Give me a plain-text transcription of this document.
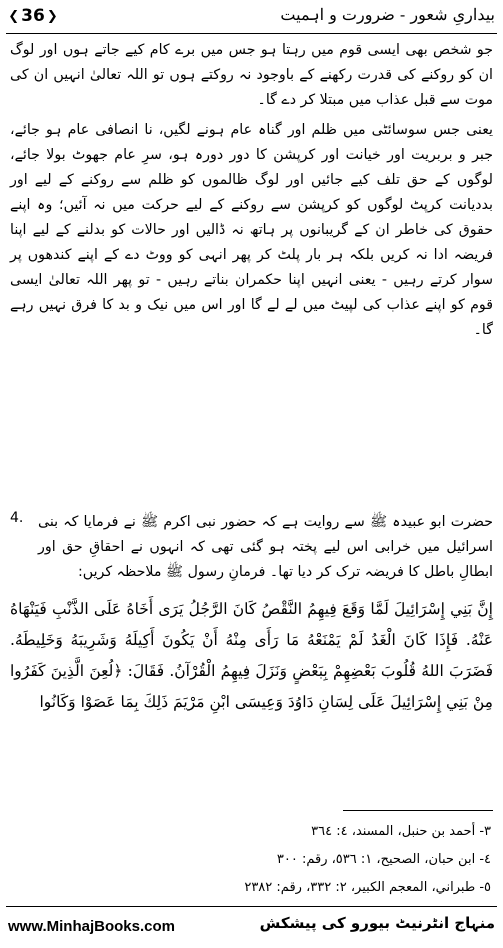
❮ 36 ❯	بیداریِ شعور - ضرورت و اہمیت

جو شخص بھی ایسی قوم میں رہتا ہو جس میں برے کام کیے جاتے ہوں اور لوگ ان کو روکنے کی قدرت رکھنے کے باوجود نہ روکتے ہوں تو اللہ تعالیٰ انہیں ان کی موت سے قبل عذاب میں مبتلا کر دے گا۔

یعنی جس سوسائٹی میں ظلم اور گناہ عام ہونے لگیں، نا انصافی عام ہو جائے، جبر و بربریت اور خیانت اور کرپشن کا دور دورہ ہو، سرِ عام جھوٹ بولا جائے، لوگوں کے حق تلف کیے جائیں اور لوگ ظالموں کو ظلم سے روکنے کے لیے اور بددیانت کرپٹ لوگوں کو کرپشن سے روکنے کے لیے حرکت میں نہ آئیں؛ وہ اپنے حقوق کی خاطر ان کے گریبانوں پر ہاتھ نہ ڈالیں اور حالات کو بدلنے کے لیے اپنا فریضہ ادا نہ کریں بلکہ ہر بار پلٹ کر پھر انہی کو ووٹ دے کے اپنے کندھوں پر سوار کرتے رہیں - یعنی انہیں اپنا حکمران بناتے رہیں - تو پھر اللہ تعالیٰ ایسی قوم کو اپنے عذاب کی لپیٹ میں لے لے گا اور اس میں نیک و بد کا فرق نہیں رہے گا۔

4. حضرت ابو عبیدہ ﷺ سے روایت ہے کہ حضور نبی اکرم ﷺ نے فرمایا کہ بنی اسرائیل میں خرابی اس لیے پختہ ہو گئی تھی کہ انہوں نے احقاقِ حق اور ابطالِ باطل کا فریضہ ترک کر دیا تھا۔ فرمانِ رسول ﷺ ملاحظہ کریں:

إِنَّ بَنِي إِسْرَائِيلَ لَمَّا وَقَعَ فِيهِمُ النَّقْصُ كَانَ الرَّجُلُ يَرَى أَخَاهُ عَلَى الذَّنْبِ فَيَنْهَاهُ عَنْهُ. فَإِذَا كَانَ الْغَدُ لَمْ يَمْنَعْهُ مَا رَأَى مِنْهُ أَنْ يَكُونَ أَكِيلَهُ وَشَرِيبَهُ وَخَلِيطَهُ. فَضَرَبَ اللهُ قُلُوبَ بَعْضِهِمْ بِبَعْضٍ وَنَزَلَ فِيهِمُ الْقُرْآنُ. فَقَالَ: ﴿لُعِنَ الَّذِينَ كَفَرُوا مِنْ بَنِي إِسْرَائِيلَ عَلَى لِسَانِ دَاوُدَ وَعِيسَى ابْنِ مَرْيَمَ ذَلِكَ بِمَا عَصَوْا وَكَانُوا

٣- أحمد بن حنبل، المسند، ٤: ٣٦٤
٤- ابن حبان، الصحيح، ١: ٥٣٦، رقم: ٣٠٠
٥- طبراني، المعجم الكبير، ٢: ٣٣٢، رقم: ٢٣٨٢
www.MinhajBooks.com	منہاج انٹرنیٹ بیورو کی پیشکش
